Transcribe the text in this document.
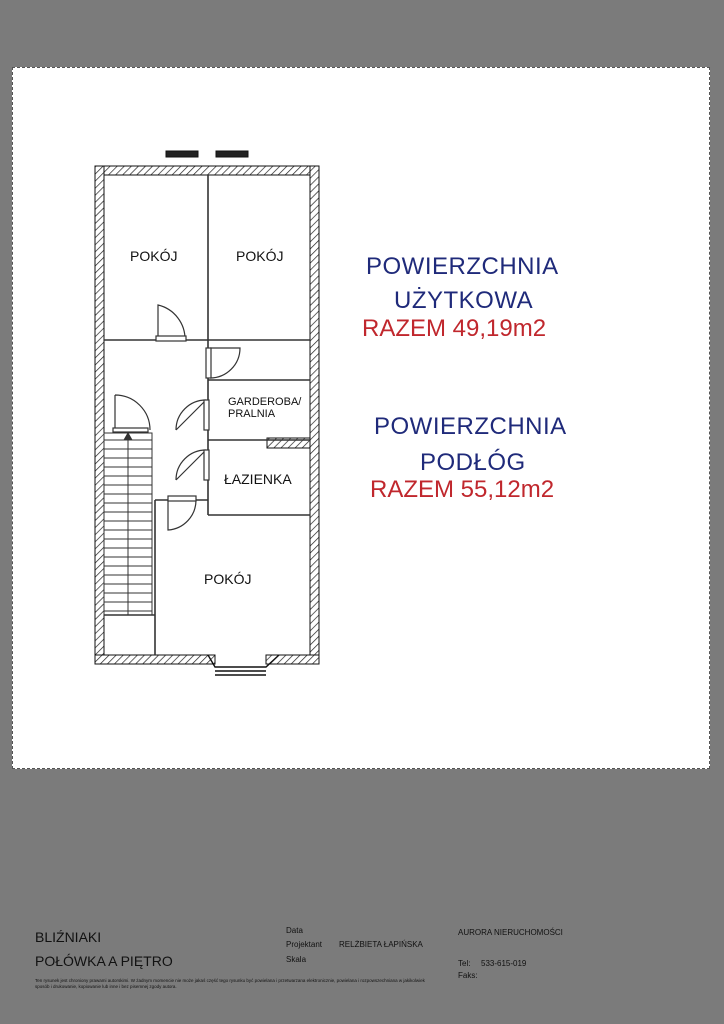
POKÓJ	POKÓJ
GARDEROBA/
PRALNIA
ŁAZIENKA
POKÓJ
POWIERZCHNIA
UŻYTKOWA
RAZEM 49,19m2
POWIERZCHNIA
PODŁÓG
RAZEM 55,12m2
BLIŹNIAKI
POŁÓWKA A PIĘTRO
Ten rysunek jest chroniony prawami autorskimi. W żadnym momencie nie może jakaś część tego rysunku być powielana i przetwarzana elektronicznie, powielana i rozpowszechniana w jakikolwiek sposób i drukowanie, kopiowanie lub inne i bez pisemnej zgody autora.
Data
Projektant RELŻBIETA ŁAPIŃSKA
Skala
AURORA NIERUCHOMOŚCI
Tel: 533-615-019
Faks:
